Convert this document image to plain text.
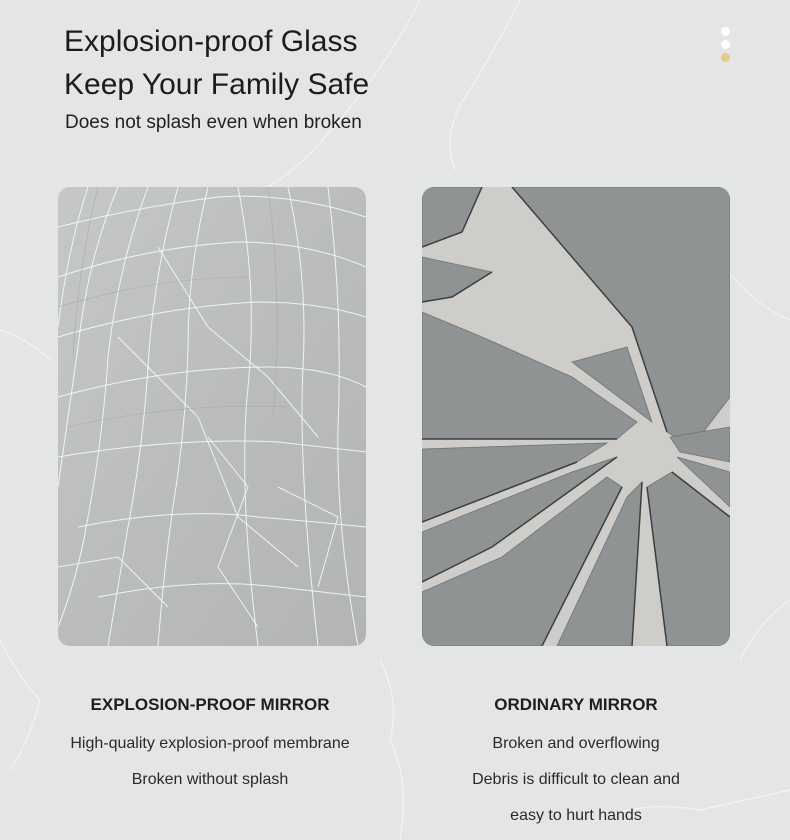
Explosion-proof Glass
Keep Your Family Safe

Does not splash even when broken

EXPLOSION-PROOF MIRROR

High-quality explosion-proof membrane

Broken without splash

ORDINARY MIRROR

Broken and overflowing

Debris is difficult to clean and

easy to hurt hands
